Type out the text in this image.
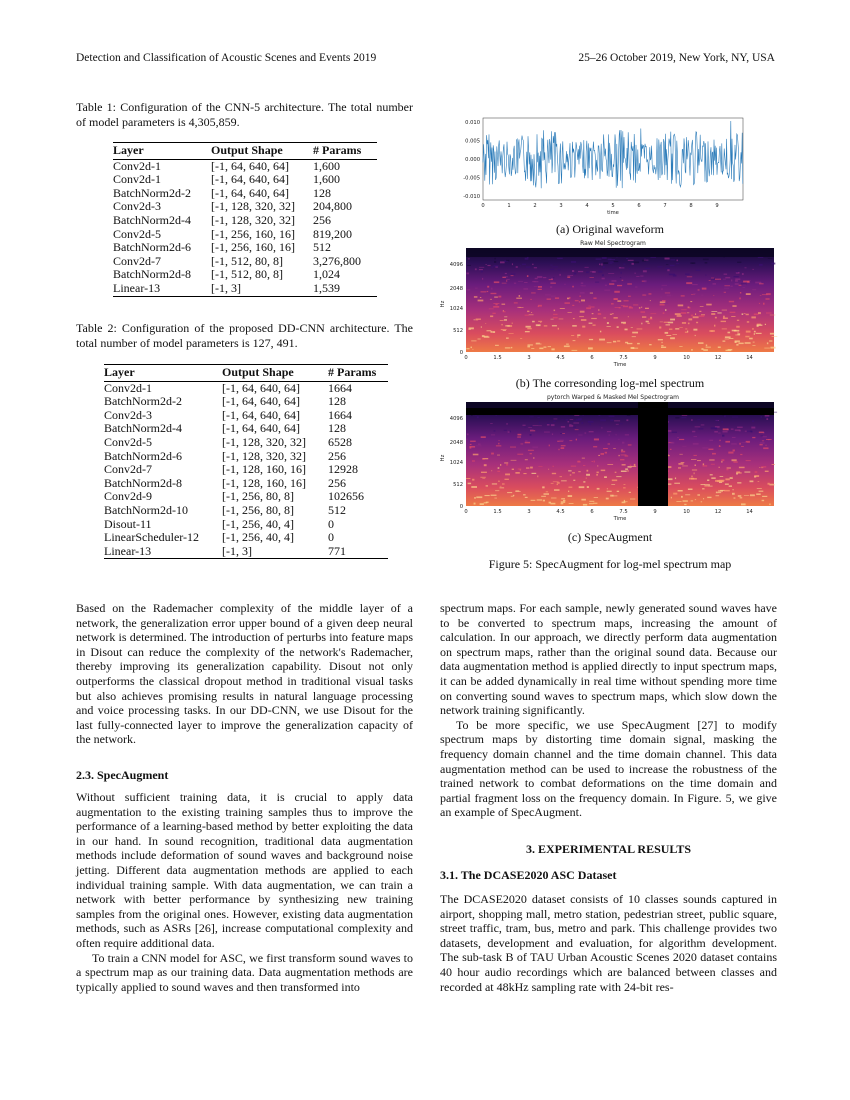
Detection and Classification of Acoustic Scenes and Events 2019	25–26 October 2019, New York, NY, USA
Table 1: Configuration of the CNN-5 architecture. The total number of model parameters is 4,305,859.
Layer	Output Shape	# Params
Conv2d-1	[-1, 64, 640, 64]	1,600
Conv2d-1	[-1, 64, 640, 64]	1,600
BatchNorm2d-2	[-1, 64, 640, 64]	128
Conv2d-3	[-1, 128, 320, 32]	204,800
BatchNorm2d-4	[-1, 128, 320, 32]	256
Conv2d-5	[-1, 256, 160, 16]	819,200
BatchNorm2d-6	[-1, 256, 160, 16]	512
Conv2d-7	[-1, 512, 80, 8]	3,276,800
BatchNorm2d-8	[-1, 512, 80, 8]	1,024
Linear-13	[-1, 3]	1,539
Table 2: Configuration of the proposed DD-CNN architecture. The total number of model parameters is 127, 491.
Layer	Output Shape	# Params
Conv2d-1	[-1, 64, 640, 64]	1664
BatchNorm2d-2	[-1, 64, 640, 64]	128
Conv2d-3	[-1, 64, 640, 64]	1664
BatchNorm2d-4	[-1, 64, 640, 64]	128
Conv2d-5	[-1, 128, 320, 32]	6528
BatchNorm2d-6	[-1, 128, 320, 32]	256
Conv2d-7	[-1, 128, 160, 16]	12928
BatchNorm2d-8	[-1, 128, 160, 16]	256
Conv2d-9	[-1, 256, 80, 8]	102656
BatchNorm2d-10	[-1, 256, 80, 8]	512
Disout-11	[-1, 256, 40, 4]	0
LinearScheduler-12	[-1, 256, 40, 4]	0
Linear-13	[-1, 3]	771
0.010
0.005
0.000
-0.005
-0.010
0	1	2	3	4	5	6	7	8	9
time
(a) Original waveform
Raw Mel Spectrogram
Hz
4096
2048
1024
512
0
0	1.5	3	4.5	6	7.5	9	10	12	14
Time
(b) The corresonding log-mel spectrum
pytorch Warped & Masked Mel Spectrogram
Hz
4096
2048
1024
512
0
0	1.5	3	4.5	6	7.5	9	10	12	14
Time
(c) SpecAugment
Figure 5: SpecAugment for log-mel spectrum map

Based on the Rademacher complexity of the middle layer of a network, the generalization error upper bound of a given deep neural network is determined. The introduction of perturbs into feature maps in Disout can reduce the complexity of the network's Rademacher, thereby improving its generalization capability. Disout not only outperforms the classical dropout method in traditional visual tasks but also achieves promising results in natural language processing and voice processing tasks. In our DD-CNN, we use Disout for the last fully-connected layer to improve the generalization capacity of the network.

2.3. SpecAugment

Without sufficient training data, it is crucial to apply data augmentation to the existing training samples thus to improve the performance of a learning-based method by better exploiting the data in our hand. In sound recognition, traditional data augmentation methods include deformation of sound waves and background noise jetting. Different data augmentation methods are applied to each individual training sample. With data augmentation, we can train a network with better performance by synthesizing new training samples from the original ones. However, existing data augmentation methods, such as ASRs [26], increase computational complexity and often require additional data.

To train a CNN model for ASC, we first transform sound waves to a spectrum map as our training data. Data augmentation methods are typically applied to sound waves and then transformed into

spectrum maps. For each sample, newly generated sound waves have to be converted to spectrum maps, increasing the amount of calculation. In our approach, we directly perform data augmentation on spectrum maps, rather than the original sound data. Because our data augmentation method is applied directly to input spectrum maps, it can be added dynamically in real time without spending more time on converting sound waves to spectrum maps, which slow down the network training significantly.

To be more specific, we use SpecAugment [27] to modify spectrum maps by distorting time domain signal, masking the frequency domain channel and the time domain channel. This data augmentation method can be used to increase the robustness of the trained network to combat deformations on the time domain and partial fragment loss on the frequency domain. In Figure. 5, we give an example of SpecAugment.

3. EXPERIMENTAL RESULTS
3.1. The DCASE2020 ASC Dataset

The DCASE2020 dataset consists of 10 classes sounds captured in airport, shopping mall, metro station, pedestrian street, public square, street traffic, tram, bus, metro and park. This challenge provides two datasets, development and evaluation, for algorithm development. The sub-task B of TAU Urban Acoustic Scenes 2020 dataset contains 40 hour audio recordings which are balanced between classes and recorded at 48kHz sampling rate with 24-bit res-
